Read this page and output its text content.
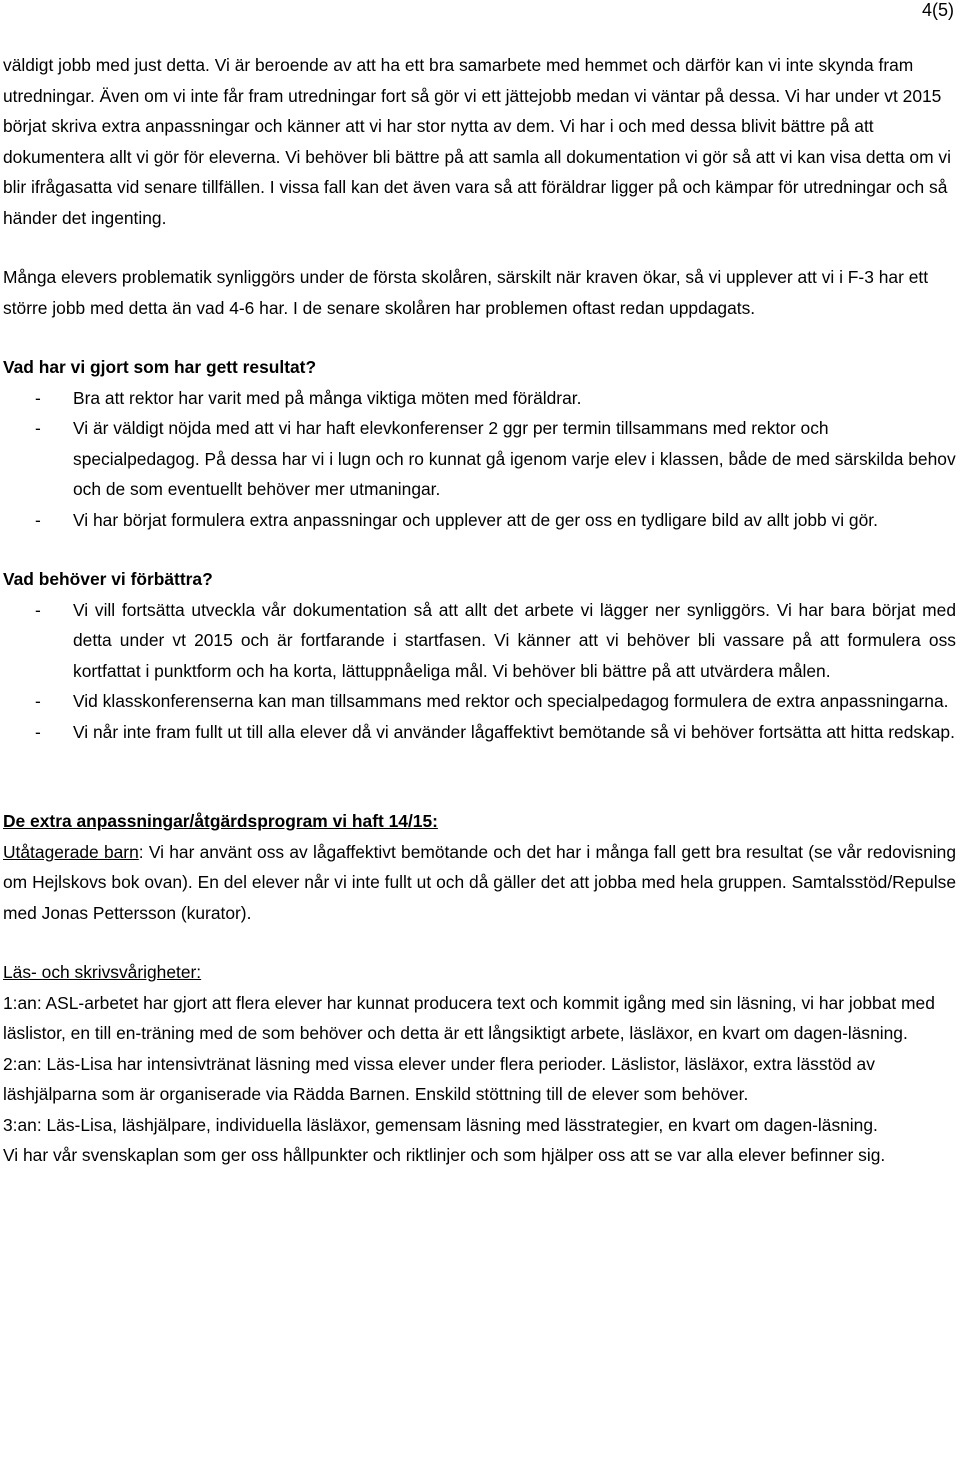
4(5)

väldigt jobb med just detta. Vi är beroende av att ha ett bra samarbete med hemmet och därför kan vi inte skynda fram utredningar. Även om vi inte får fram utredningar fort så gör vi ett jättejobb medan vi väntar på dessa. Vi har under vt 2015 börjat skriva extra anpassningar och känner att vi har stor nytta av dem. Vi har i och med dessa blivit bättre på att dokumentera allt vi gör för eleverna. Vi behöver bli bättre på att samla all dokumentation vi gör så att vi kan visa detta om vi blir ifrågasatta vid senare tillfällen. I vissa fall kan det även vara så att föräldrar ligger på och kämpar för utredningar och så händer det ingenting.

Många elevers problematik synliggörs under de första skolåren, särskilt när kraven ökar, så vi upplever att vi i F-3 har ett större jobb med detta än vad 4-6 har. I de senare skolåren har problemen oftast redan uppdagats.

Vad har vi gjort som har gett resultat?

- Bra att rektor har varit med på många viktiga möten med föräldrar.
- Vi är väldigt nöjda med att vi har haft elevkonferenser 2 ggr per termin tillsammans med rektor och specialpedagog. På dessa har vi i lugn och ro kunnat gå igenom varje elev i klassen, både de med särskilda behov och de som eventuellt behöver mer utmaningar.
- Vi har börjat formulera extra anpassningar och upplever att de ger oss en tydligare bild av allt jobb vi gör.

Vad behöver vi förbättra?

- Vi vill fortsätta utveckla vår dokumentation så att allt det arbete vi lägger ner synliggörs. Vi har bara börjat med detta under vt 2015 och är fortfarande i startfasen. Vi känner att vi behöver bli vassare på att formulera oss kortfattat i punktform och ha korta, lättuppnåeliga mål. Vi behöver bli bättre på att utvärdera målen.
- Vid klasskonferenserna kan man tillsammans med rektor och specialpedagog formulera de extra anpassningarna.
- Vi når inte fram fullt ut till alla elever då vi använder lågaffektivt bemötande så vi behöver fortsätta att hitta redskap.

De extra anpassningar/åtgärdsprogram vi haft 14/15:

Utåtagerade barn: Vi har använt oss av lågaffektivt bemötande och det har i många fall gett bra resultat (se vår redovisning om Hejlskovs bok ovan). En del elever når vi inte fullt ut och då gäller det att jobba med hela gruppen. Samtalsstöd/Repulse med Jonas Pettersson (kurator).

Läs- och skrivsvårigheter:

1:an: ASL-arbetet har gjort att flera elever har kunnat producera text och kommit igång med sin läsning, vi har jobbat med läslistor, en till en-träning med de som behöver och detta är ett långsiktigt arbete, läsläxor, en kvart om dagen-läsning.

2:an: Läs-Lisa har intensivtränat läsning med vissa elever under flera perioder. Läslistor, läsläxor, extra lässtöd av läshjälparna som är organiserade via Rädda Barnen. Enskild stöttning till de elever som behöver.

3:an: Läs-Lisa, läshjälpare, individuella läsläxor, gemensam läsning med lässtrategier, en kvart om dagen-läsning.

Vi har vår svenskaplan som ger oss hållpunkter och riktlinjer och som hjälper oss att se var alla elever befinner sig.
